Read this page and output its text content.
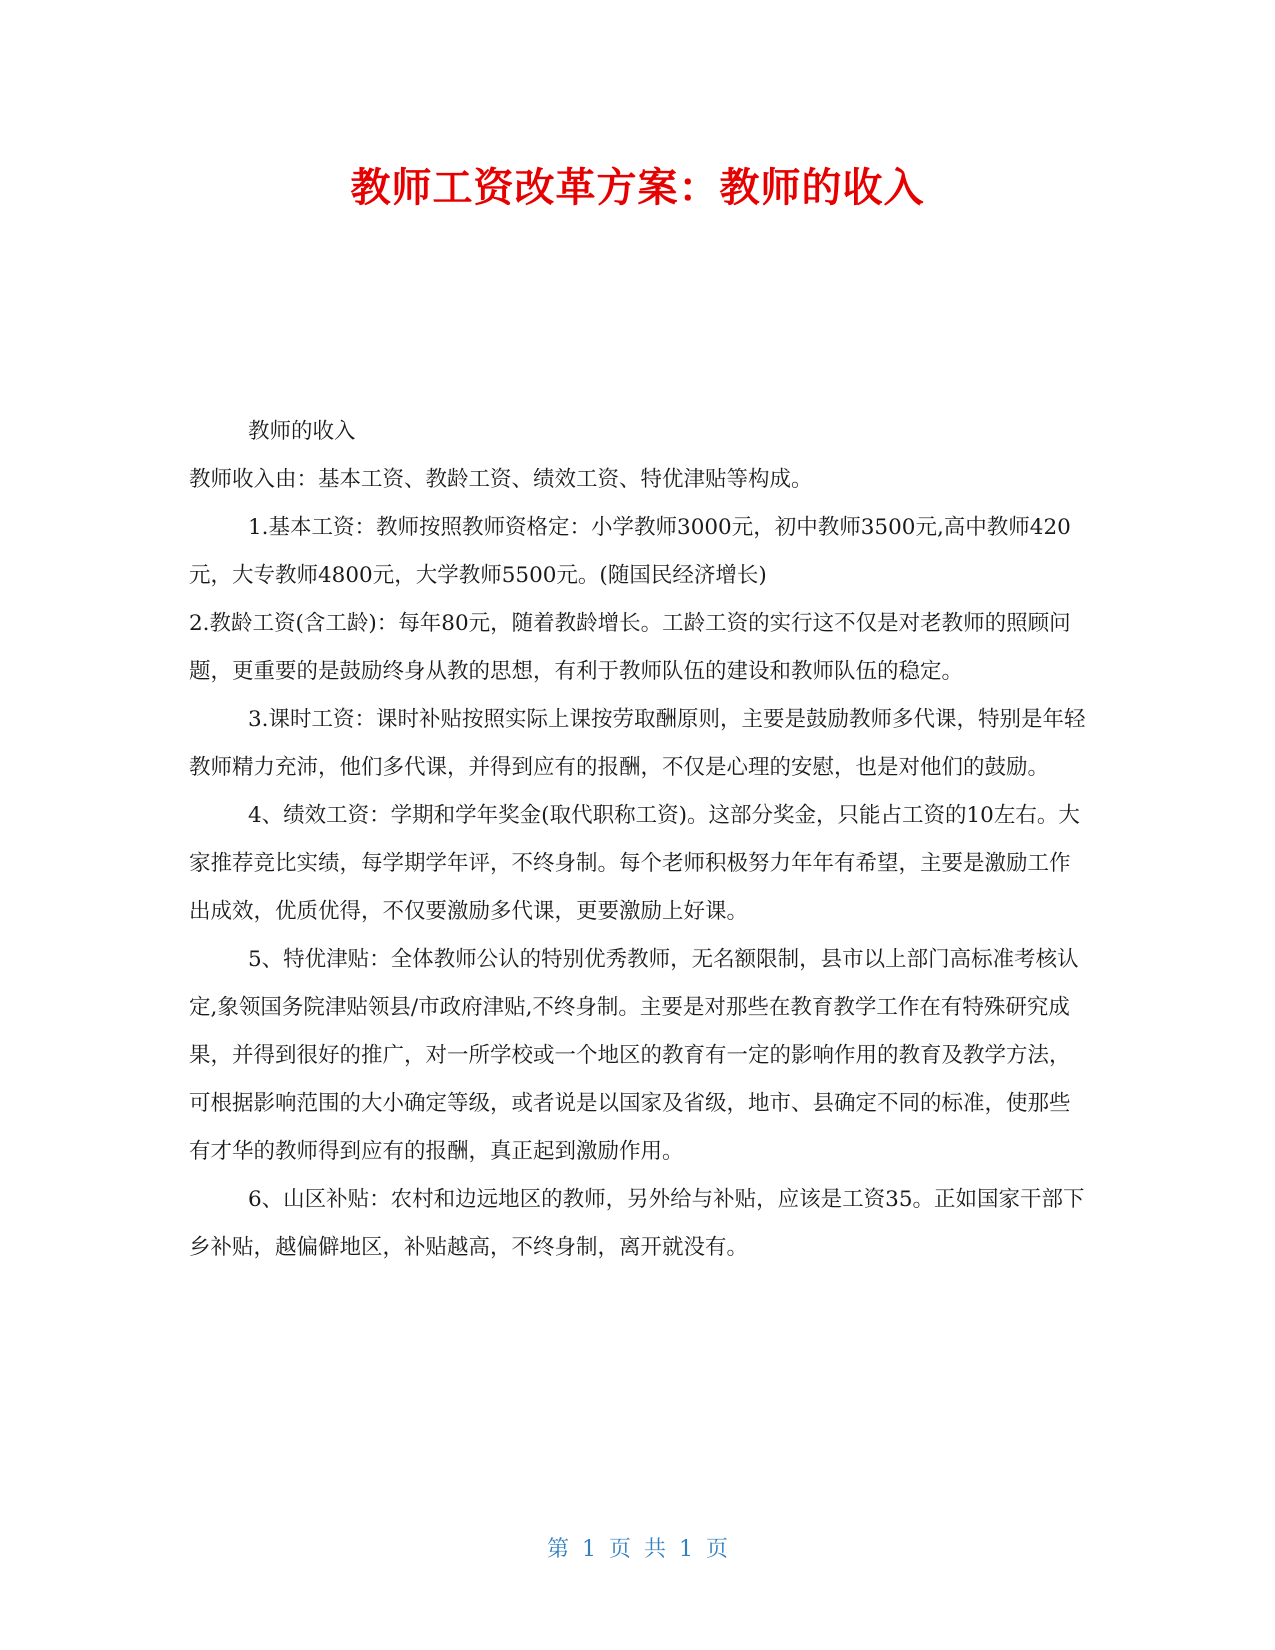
教师工资改革方案：教师的收入

教师的收入

教师收入由：基本工资、教龄工资、绩效工资、特优津贴等构成。

1.基本工资：教师按照教师资格定：小学教师3000元，初中教师3500元,高中教师420元，大专教师4800元，大学教师5500元。(随国民经济增长)

2.教龄工资(含工龄)：每年80元，随着教龄增长。工龄工资的实行这不仅是对老教师的照顾问题，更重要的是鼓励终身从教的思想，有利于教师队伍的建设和教师队伍的稳定。

3.课时工资：课时补贴按照实际上课按劳取酬原则，主要是鼓励教师多代课，特别是年轻教师精力充沛，他们多代课，并得到应有的报酬，不仅是心理的安慰，也是对他们的鼓励。

4、绩效工资：学期和学年奖金(取代职称工资)。这部分奖金，只能占工资的10左右。大家推荐竞比实绩，每学期学年评，不终身制。每个老师积极努力年年有希望，主要是激励工作出成效，优质优得，不仅要激励多代课，更要激励上好课。

5、特优津贴：全体教师公认的特别优秀教师，无名额限制，县市以上部门高标准考核认定,象领国务院津贴领县/市政府津贴,不终身制。主要是对那些在教育教学工作在有特殊研究成果，并得到很好的推广，对一所学校或一个地区的教育有一定的影响作用的教育及教学方法，可根据影响范围的大小确定等级，或者说是以国家及省级，地市、县确定不同的标准，使那些有才华的教师得到应有的报酬，真正起到激励作用。

6、山区补贴：农村和边远地区的教师，另外给与补贴，应该是工资35。正如国家干部下乡补贴，越偏僻地区，补贴越高，不终身制，离开就没有。

第 1 页 共 1 页
